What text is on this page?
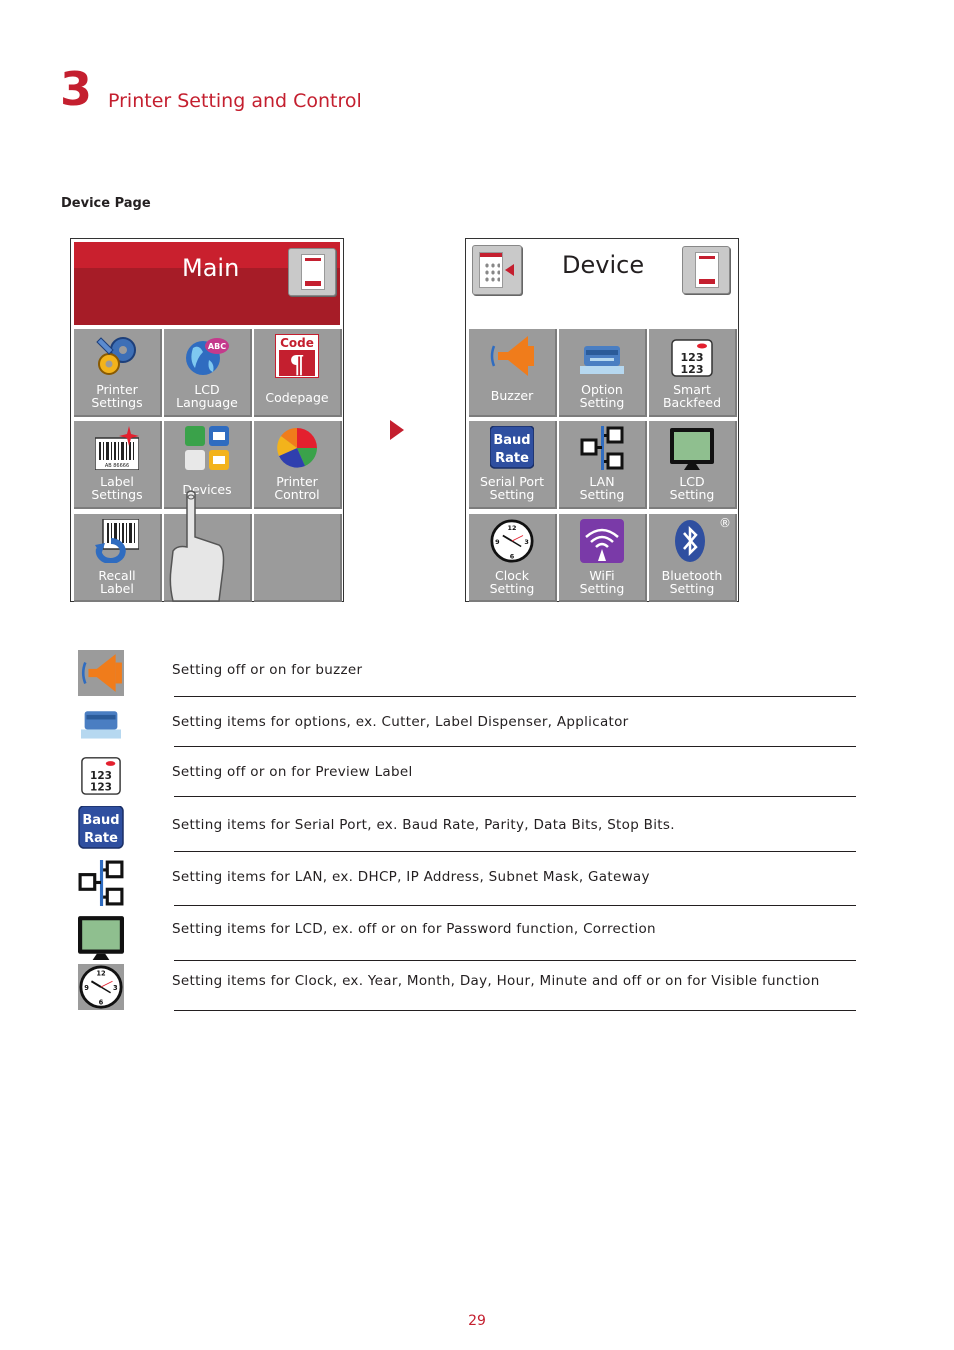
3 Printer Setting and Control
Device Page
Main
Printer
Settings
ABC
LCD
Language
Code
¶
Codepage
AB 86666
Label
Settings	Devices
Printer
Control
Recall
Label
Device
Buzzer	Option
Setting
123
123
Smart
Backfeed
Baud
Rate
Serial Port
Setting
LAN
Setting
LCD
Setting
12
3
6
9
Clock
Setting
WiFi
Setting
®
Bluetooth
Setting
Setting off or on for buzzer
Setting items for options, ex. Cutter, Label Dispenser, Applicator
123
123
Setting off or on for Preview Label
Baud
Rate
Setting items for Serial Port, ex. Baud Rate, Parity, Data Bits, Stop Bits.
Setting items for LAN, ex. DHCP, IP Address, Subnet Mask, Gateway
Setting items for LCD, ex. off or on for Password function, Correction
12
3
6
9	Setting items for Clock, ex. Year, Month, Day, Hour, Minute and off or on for Visible function
29
